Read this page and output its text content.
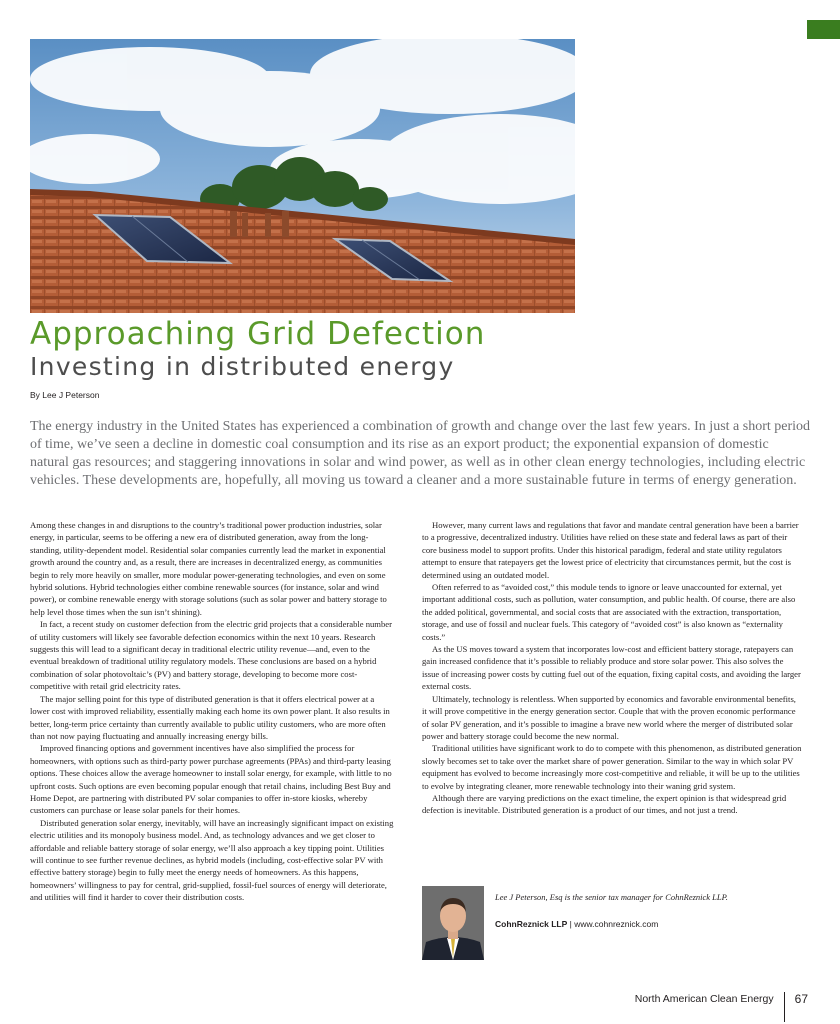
Approaching Grid Defection
Investing in distributed energy
By Lee J Peterson

The energy industry in the United States has experienced a combination of growth and change over the last few years. In just a short period of time, we’ve seen a decline in domestic coal consumption and its rise as an export product; the exponential expansion of domestic natural gas resources; and staggering innovations in solar and wind power, as well as in other clean energy technologies, including electric vehicles. These developments are, hopefully, all moving us toward a cleaner and a more sustainable future in terms of energy generation.

Among these changes in and disruptions to the country’s traditional power production industries, solar energy, in particular, seems to be offering a new era of distributed generation, away from the long-standing, utility-dependent model. Residential solar companies currently lead the market in exponential growth around the country and, as a result, there are increases in decentralized energy, as communities begin to rely more heavily on smaller, more modular power-generating technologies, and even on some hybrid solutions. Hybrid technologies either combine renewable sources (for instance, solar and wind power), or combine renewable energy with storage solutions (such as solar power and battery storage to help level those times when the sun isn’t shining).

In fact, a recent study on customer defection from the electric grid projects that a considerable number of utility customers will likely see favorable defection economics within the next 10 years. Research suggests this will lead to a significant decay in traditional electric utility revenue—and, even to the eventual breakdown of traditional utility regulatory models. These conclusions are based on a hybrid combination of solar photovoltaic’s (PV) and battery storage, developing to become more cost-competitive with retail grid electricity rates.

The major selling point for this type of distributed generation is that it offers electrical power at a lower cost with improved reliability, essentially making each home its own power plant. It also results in better, long-term price certainty than currently available to public utility customers, who are more often than not now paying fluctuating and annually increasing energy bills.

Improved financing options and government incentives have also simplified the process for homeowners, with options such as third-party power purchase agreements (PPAs) and third-party leasing options. These choices allow the average homeowner to install solar energy, for example, with little to no upfront costs. Such options are even becoming popular enough that retail chains, including Best Buy and Home Depot, are partnering with distributed PV solar companies to offer in-store kiosks, whereby customers can purchase or lease solar panels for their homes.

Distributed generation solar energy, inevitably, will have an increasingly significant impact on existing electric utilities and its monopoly business model. And, as technology advances and we get closer to affordable and reliable battery storage of solar energy, we’ll also approach a key tipping point. Utilities will continue to see further revenue declines, as hybrid models (including, cost-effective solar PV with effective battery storage) begin to fully meet the energy needs of homeowners. As this happens, homeowners’ willingness to pay for central, grid-supplied, fossil-fuel sources of energy will deteriorate, and utilities will find it harder to cover their distribution costs.

However, many current laws and regulations that favor and mandate central generation have been a barrier to a progressive, decentralized industry. Utilities have relied on these state and federal laws as part of their core business model to support profits. Under this historical paradigm, federal and state utility regulators attempt to ensure that ratepayers get the lowest price of electricity that circumstances permit, but the cost is determined using an outdated model.

Often referred to as “avoided cost,” this module tends to ignore or leave unaccounted for external, yet important additional costs, such as pollution, water consumption, and public health. Of course, there are also the added political, governmental, and social costs that are associated with the extraction, transportation, storage, and use of fossil and nuclear fuels. This category of “avoided cost” is also known as “externality costs.”

As the US moves toward a system that incorporates low-cost and efficient battery storage, ratepayers can gain increased confidence that it’s possible to reliably produce and store solar power. This also solves the issue of increasing power costs by cutting fuel out of the equation, fixing capital costs, and avoiding the larger external costs.

Ultimately, technology is relentless. When supported by economics and favorable environmental benefits, it will prove competitive in the energy generation sector. Couple that with the proven economic performance of solar PV generation, and it’s possible to imagine a brave new world where the merger of distributed solar power and battery storage could become the new normal.

Traditional utilities have significant work to do to compete with this phenomenon, as distributed generation slowly becomes set to take over the market share of power generation. Similar to the way in which solar PV equipment has evolved to become increasingly more cost-competitive and reliable, it will be up to the utilities to evolve by integrating cleaner, more renewable technology into their waning grid system.

Although there are varying predictions on the exact timeline, the expert opinion is that widespread grid defection is inevitable. Distributed generation is a product of our times, and not just a trend.

Lee J Peterson, Esq is the senior tax manager for CohnReznick LLP.
CohnReznick LLP | www.cohnreznick.com
North American Clean Energy	67
